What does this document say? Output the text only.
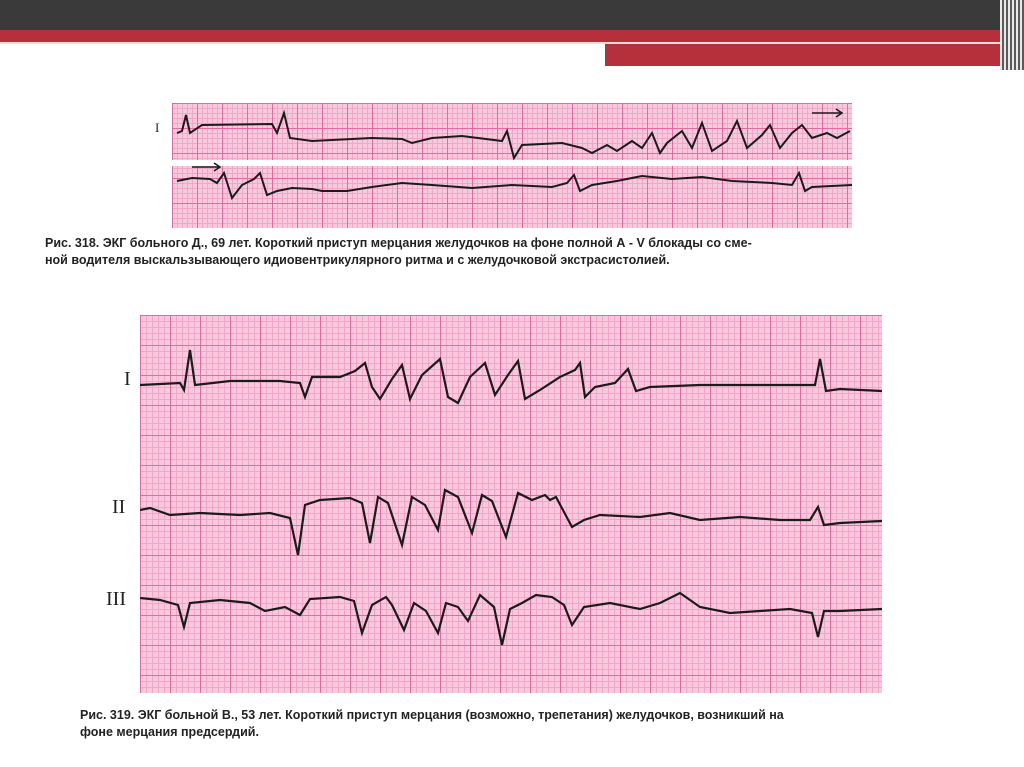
I
Рис. 318. ЭКГ больного Д., 69 лет. Короткий приступ мерцания желудочков на фоне полной А - V блокады со сме-
ной водителя выскальзывающего идиовентрикулярного ритма и с желудочковой экстрасистолией.
I
II
III
Рис. 319. ЭКГ больной В., 53 лет. Короткий приступ мерцания (возможно, трепетания) желудочков, возникший на
фоне мерцания предсердий.
